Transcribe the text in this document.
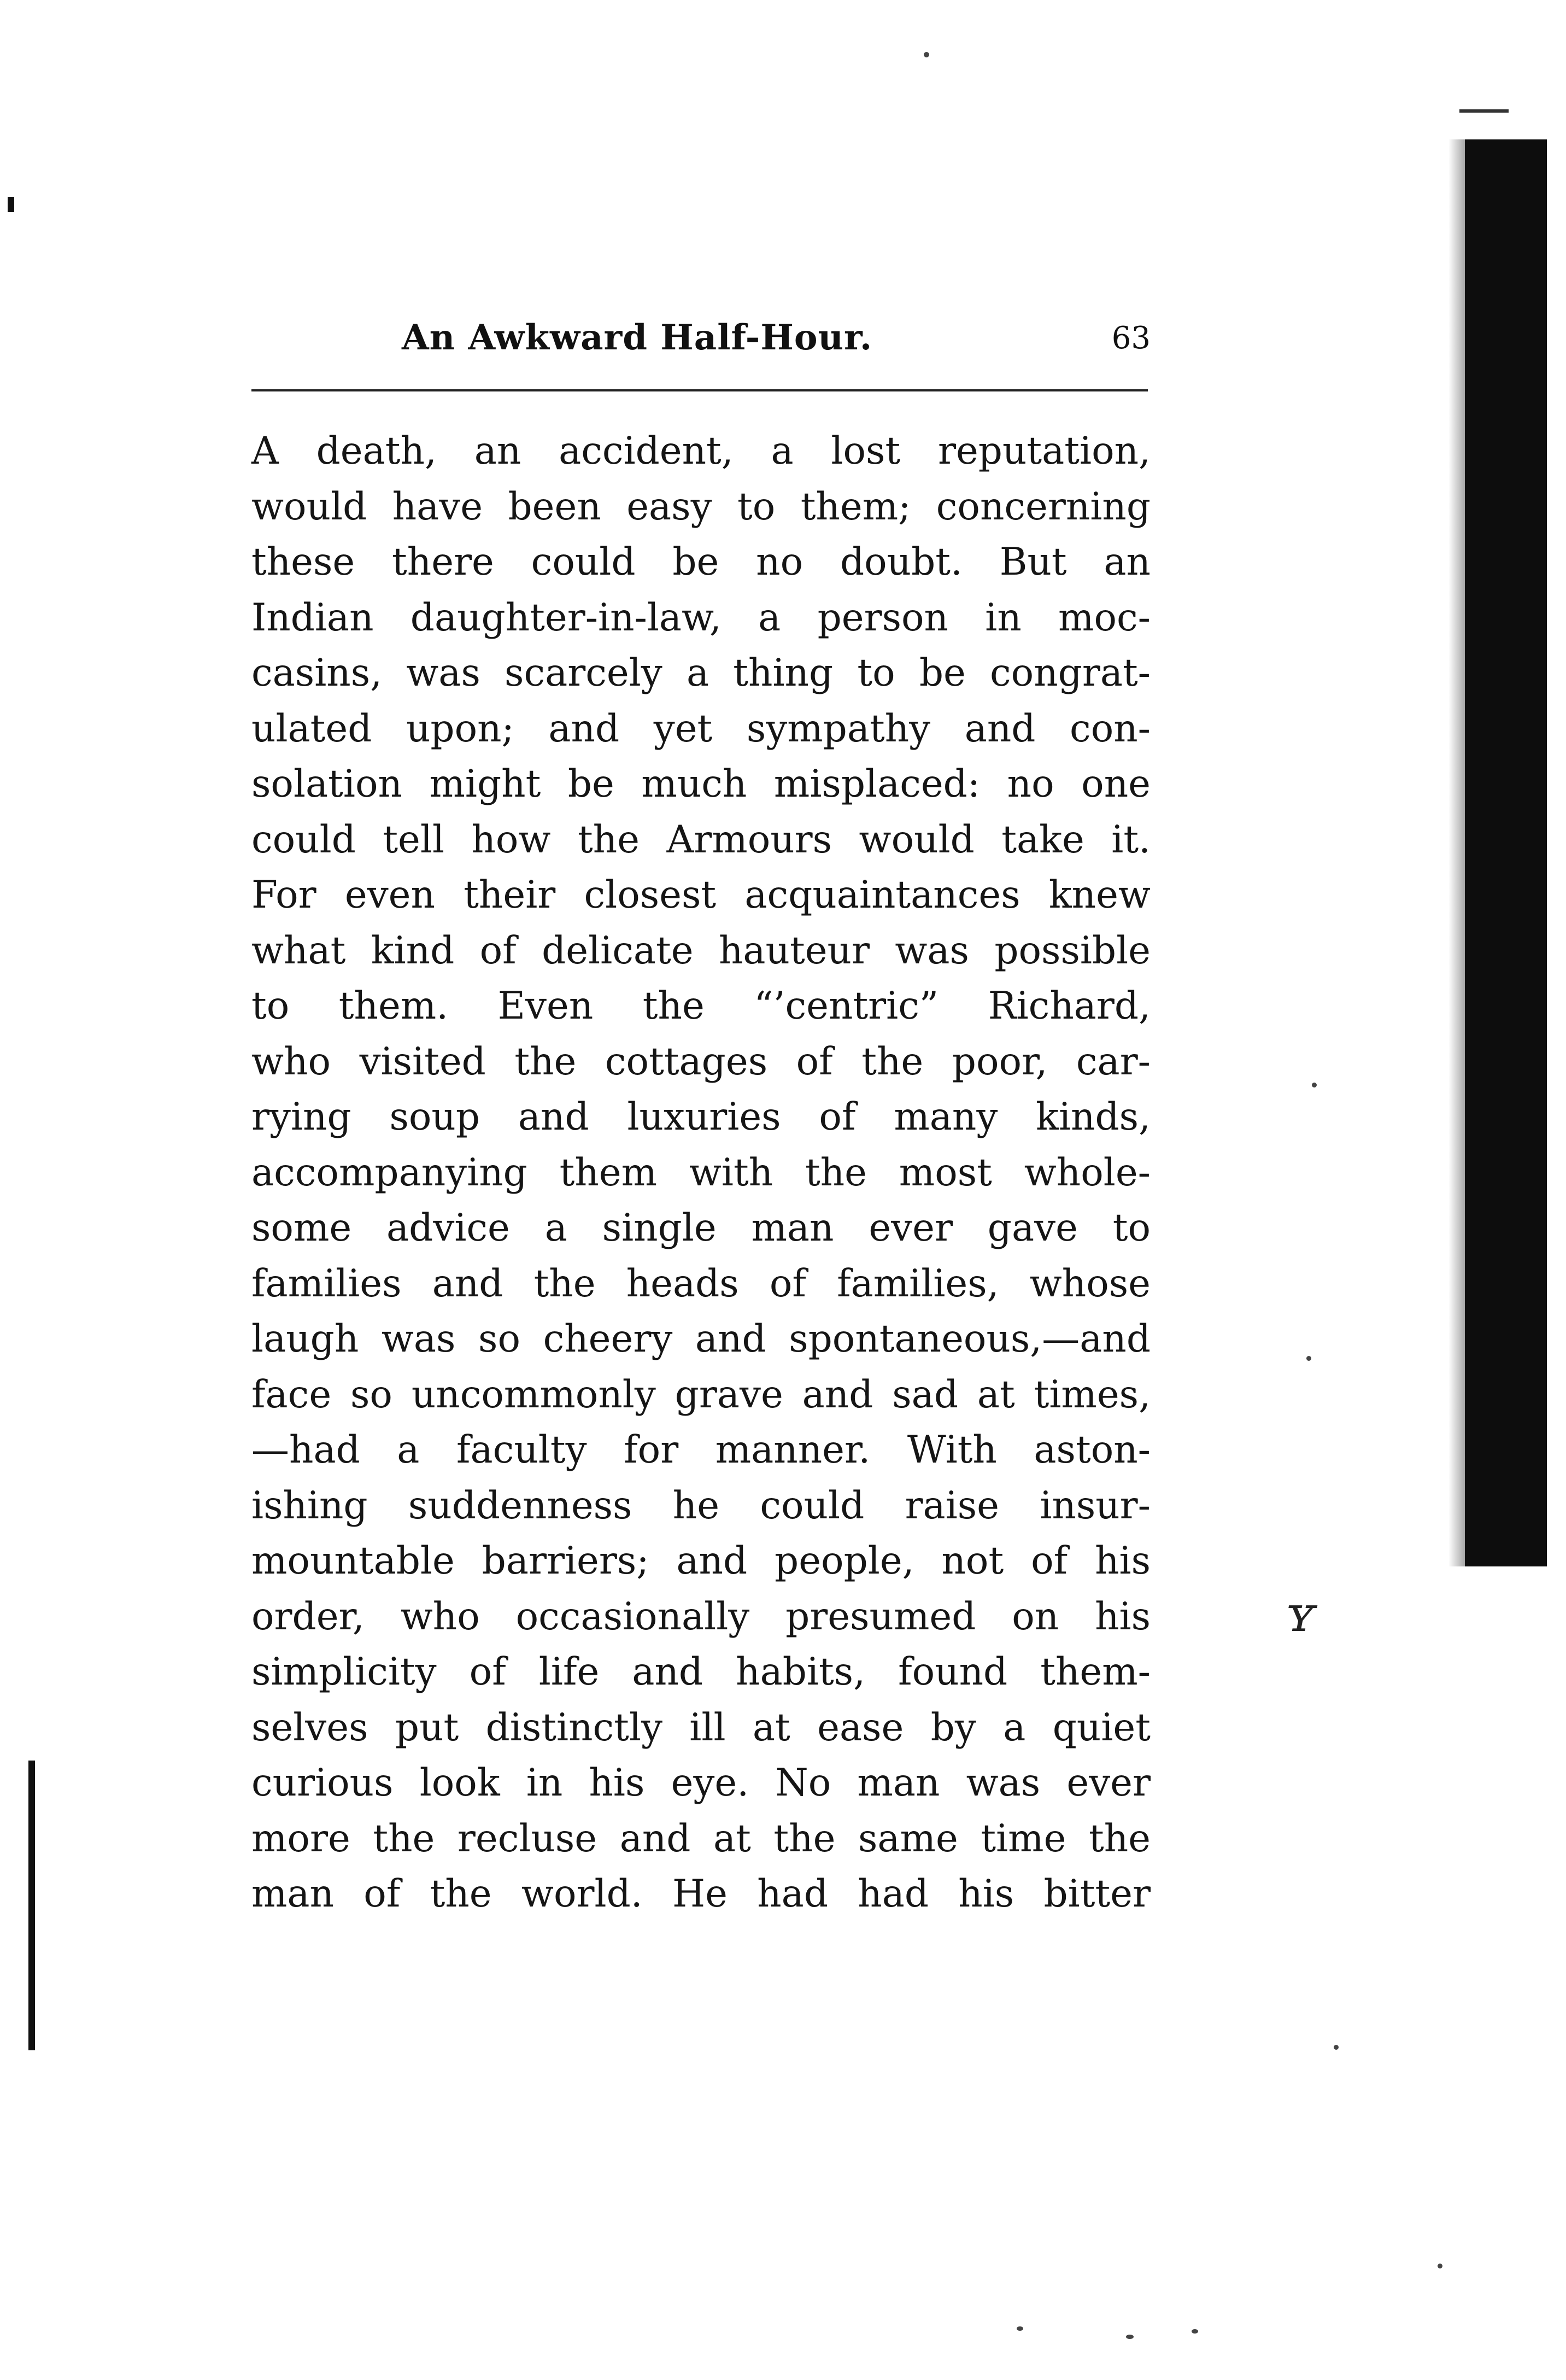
ʏ
An Awkward Half-Hour.	63
A death, an accident, a lost reputation,
would have been easy to them; concerning
these there could be no doubt. But an
Indian daughter-in-law, a person in moc-
casins, was scarcely a thing to be congrat-
ulated upon; and yet sympathy and con-
solation might be much misplaced: no one
could tell how the Armours would take it.
For even their closest acquaintances knew
what kind of delicate hauteur was possible
to them. Even the “’centric” Richard,
who visited the cottages of the poor, car-
rying soup and luxuries of many kinds,
accompanying them with the most whole-
some advice a single man ever gave to
families and the heads of families, whose
laugh was so cheery and spontaneous,—and
face so uncommonly grave and sad at times,
—had a faculty for manner. With aston-
ishing suddenness he could raise insur-
mountable barriers; and people, not of his
order, who occasionally presumed on his
simplicity of life and habits, found them-
selves put distinctly ill at ease by a quiet
curious look in his eye. No man was ever
more the recluse and at the same time the
man of the world. He had had his bitter
